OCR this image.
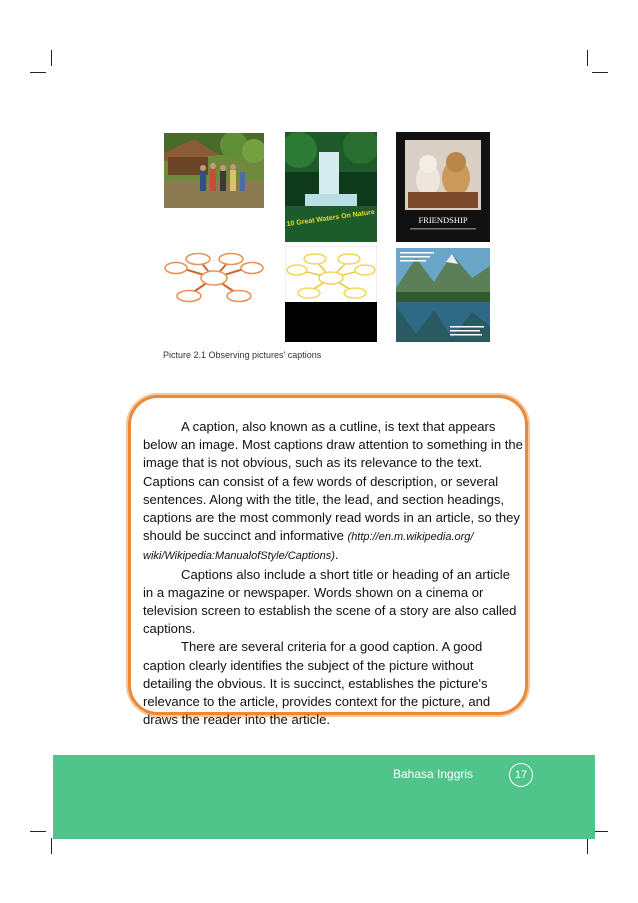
10 Great Waters On Nature	FRIENDSHIP
Picture 2.1 Observing pictures' captions

A caption, also known as a cutline, is text that appears below an image. Most captions draw attention to something in the image that is not obvious, such as its relevance to the text. Captions can consist of a few words of description, or several sentences. Along with the title, the lead, and section headings, captions are the most commonly read words in an article, so they should be succinct and informative (http://en.m.wikipedia.org/ wiki/Wikipedia:ManualofStyle/Captions).

Captions also include a short title or heading of an article in a magazine or newspaper. Words shown on a cinema or television screen to establish the scene of a story are also called captions.

There are several criteria for a good caption. A good caption clearly identifies the subject of the picture without detailing the obvious. It is succinct, establishes the picture's relevance to the article, provides context for the picture, and draws the reader into the article.

Bahasa Inggris	17
